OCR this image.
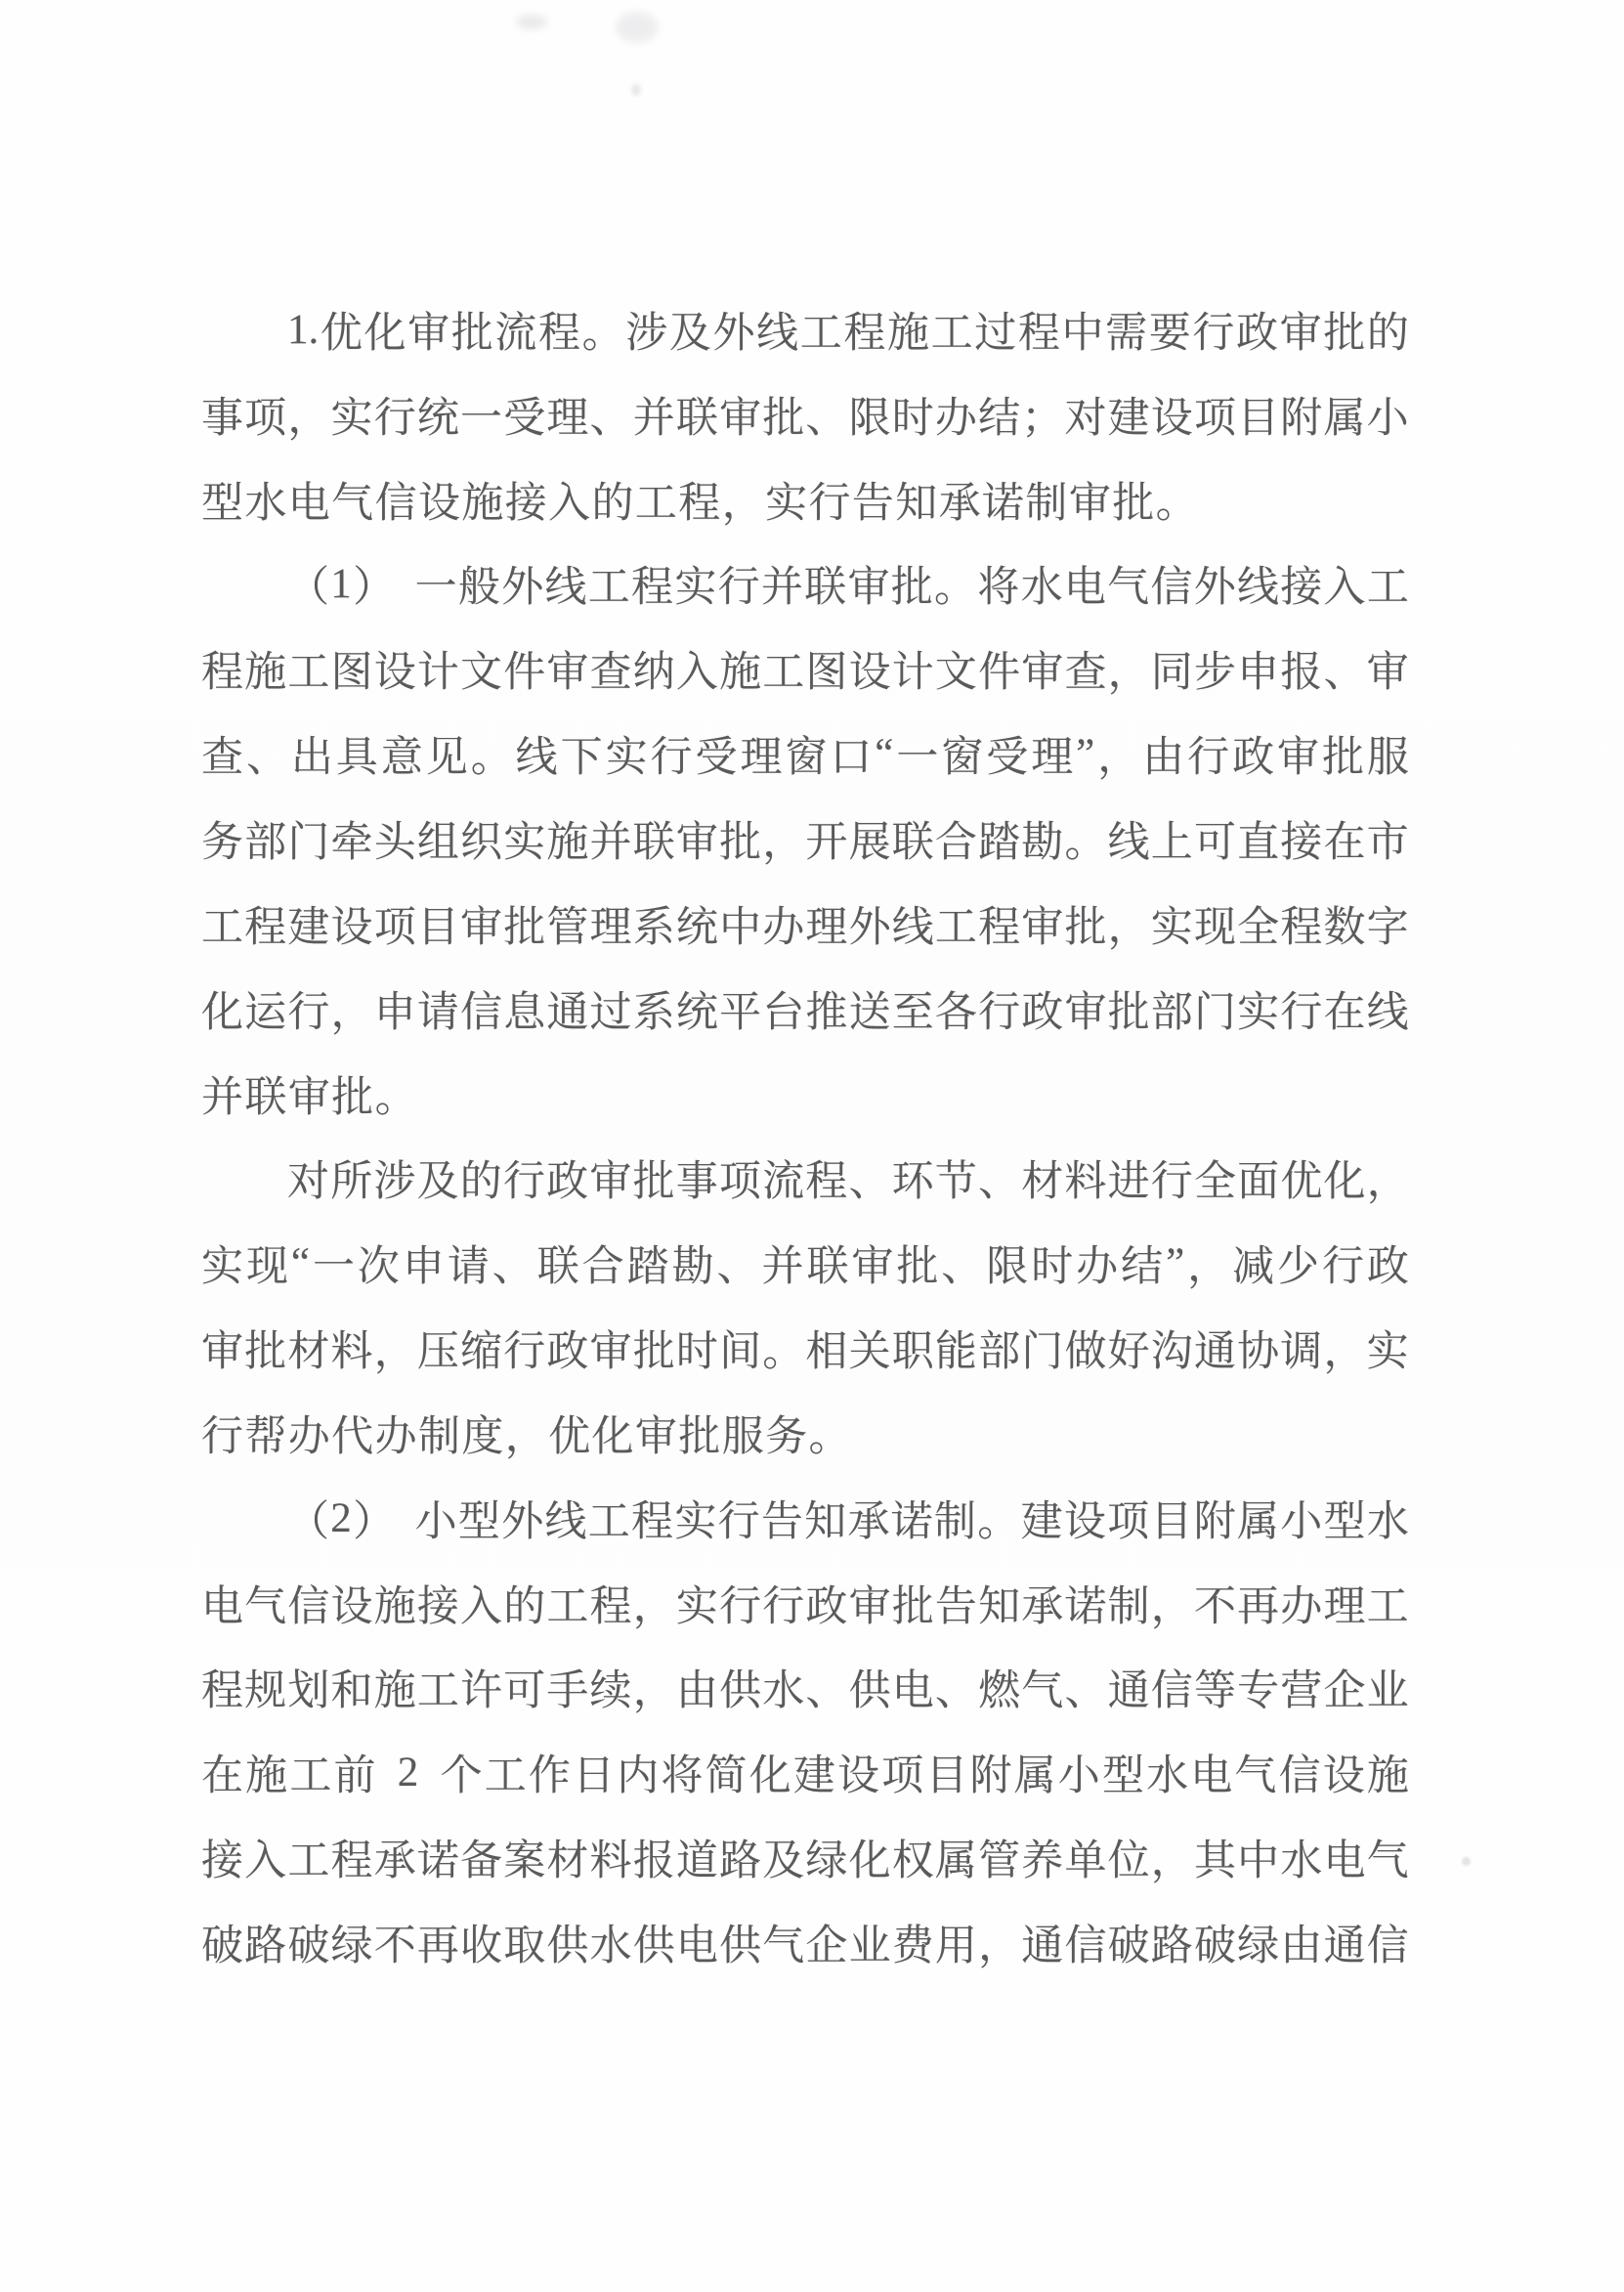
1. 优 化 审 批 流 程 。 涉 及 外 线 工 程 施 工 过 程 中 需 要 行 政 审 批 的
事 项 ， 实 行 统 一 受 理 、 并 联 审 批 、 限 时 办 结 ； 对 建 设 项 目 附 属 小
型 水 电 气 信 设 施 接 入 的 工 程 ， 实 行 告 知 承 诺 制 审 批 。
（ 1 ） 一 般 外 线 工 程 实 行 并 联 审 批 。 将 水 电 气 信 外 线 接 入 工
程 施 工 图 设 计 文 件 审 查 纳 入 施 工 图 设 计 文 件 审 查 ， 同 步 申 报 、 审
查 、 出 具 意 见 。 线 下 实 行 受 理 窗 口 “ 一 窗 受 理 ” ， 由 行 政 审 批 服
务 部 门 牵 头 组 织 实 施 并 联 审 批 ， 开 展 联 合 踏 勘 。 线 上 可 直 接 在 市
工 程 建 设 项 目 审 批 管 理 系 统 中 办 理 外 线 工 程 审 批 ， 实 现 全 程 数 字
化 运 行 ， 申 请 信 息 通 过 系 统 平 台 推 送 至 各 行 政 审 批 部 门 实 行 在 线
并 联 审 批 。
对 所 涉 及 的 行 政 审 批 事 项 流 程 、 环 节 、 材 料 进 行 全 面 优 化 ，
实 现 “ 一 次 申 请 、 联 合 踏 勘 、 并 联 审 批 、 限 时 办 结 ” ， 减 少 行 政
审 批 材 料 ， 压 缩 行 政 审 批 时 间 。 相 关 职 能 部 门 做 好 沟 通 协 调 ， 实
行 帮 办 代 办 制 度 ， 优 化 审 批 服 务 。
（ 2 ） 小 型 外 线 工 程 实 行 告 知 承 诺 制 。 建 设 项 目 附 属 小 型 水
电 气 信 设 施 接 入 的 工 程 ， 实 行 行 政 审 批 告 知 承 诺 制 ， 不 再 办 理 工
程 规 划 和 施 工 许 可 手 续 ， 由 供 水 、 供 电 、 燃 气 、 通 信 等 专 营 企 业
在 施 工 前 2 个 工 作 日 内 将 简 化 建 设 项 目 附 属 小 型 水 电 气 信 设 施
接 入 工 程 承 诺 备 案 材 料 报 道 路 及 绿 化 权 属 管 养 单 位 ， 其 中 水 电 气
破 路 破 绿 不 再 收 取 供 水 供 电 供 气 企 业 费 用 ， 通 信 破 路 破 绿 由 通 信
